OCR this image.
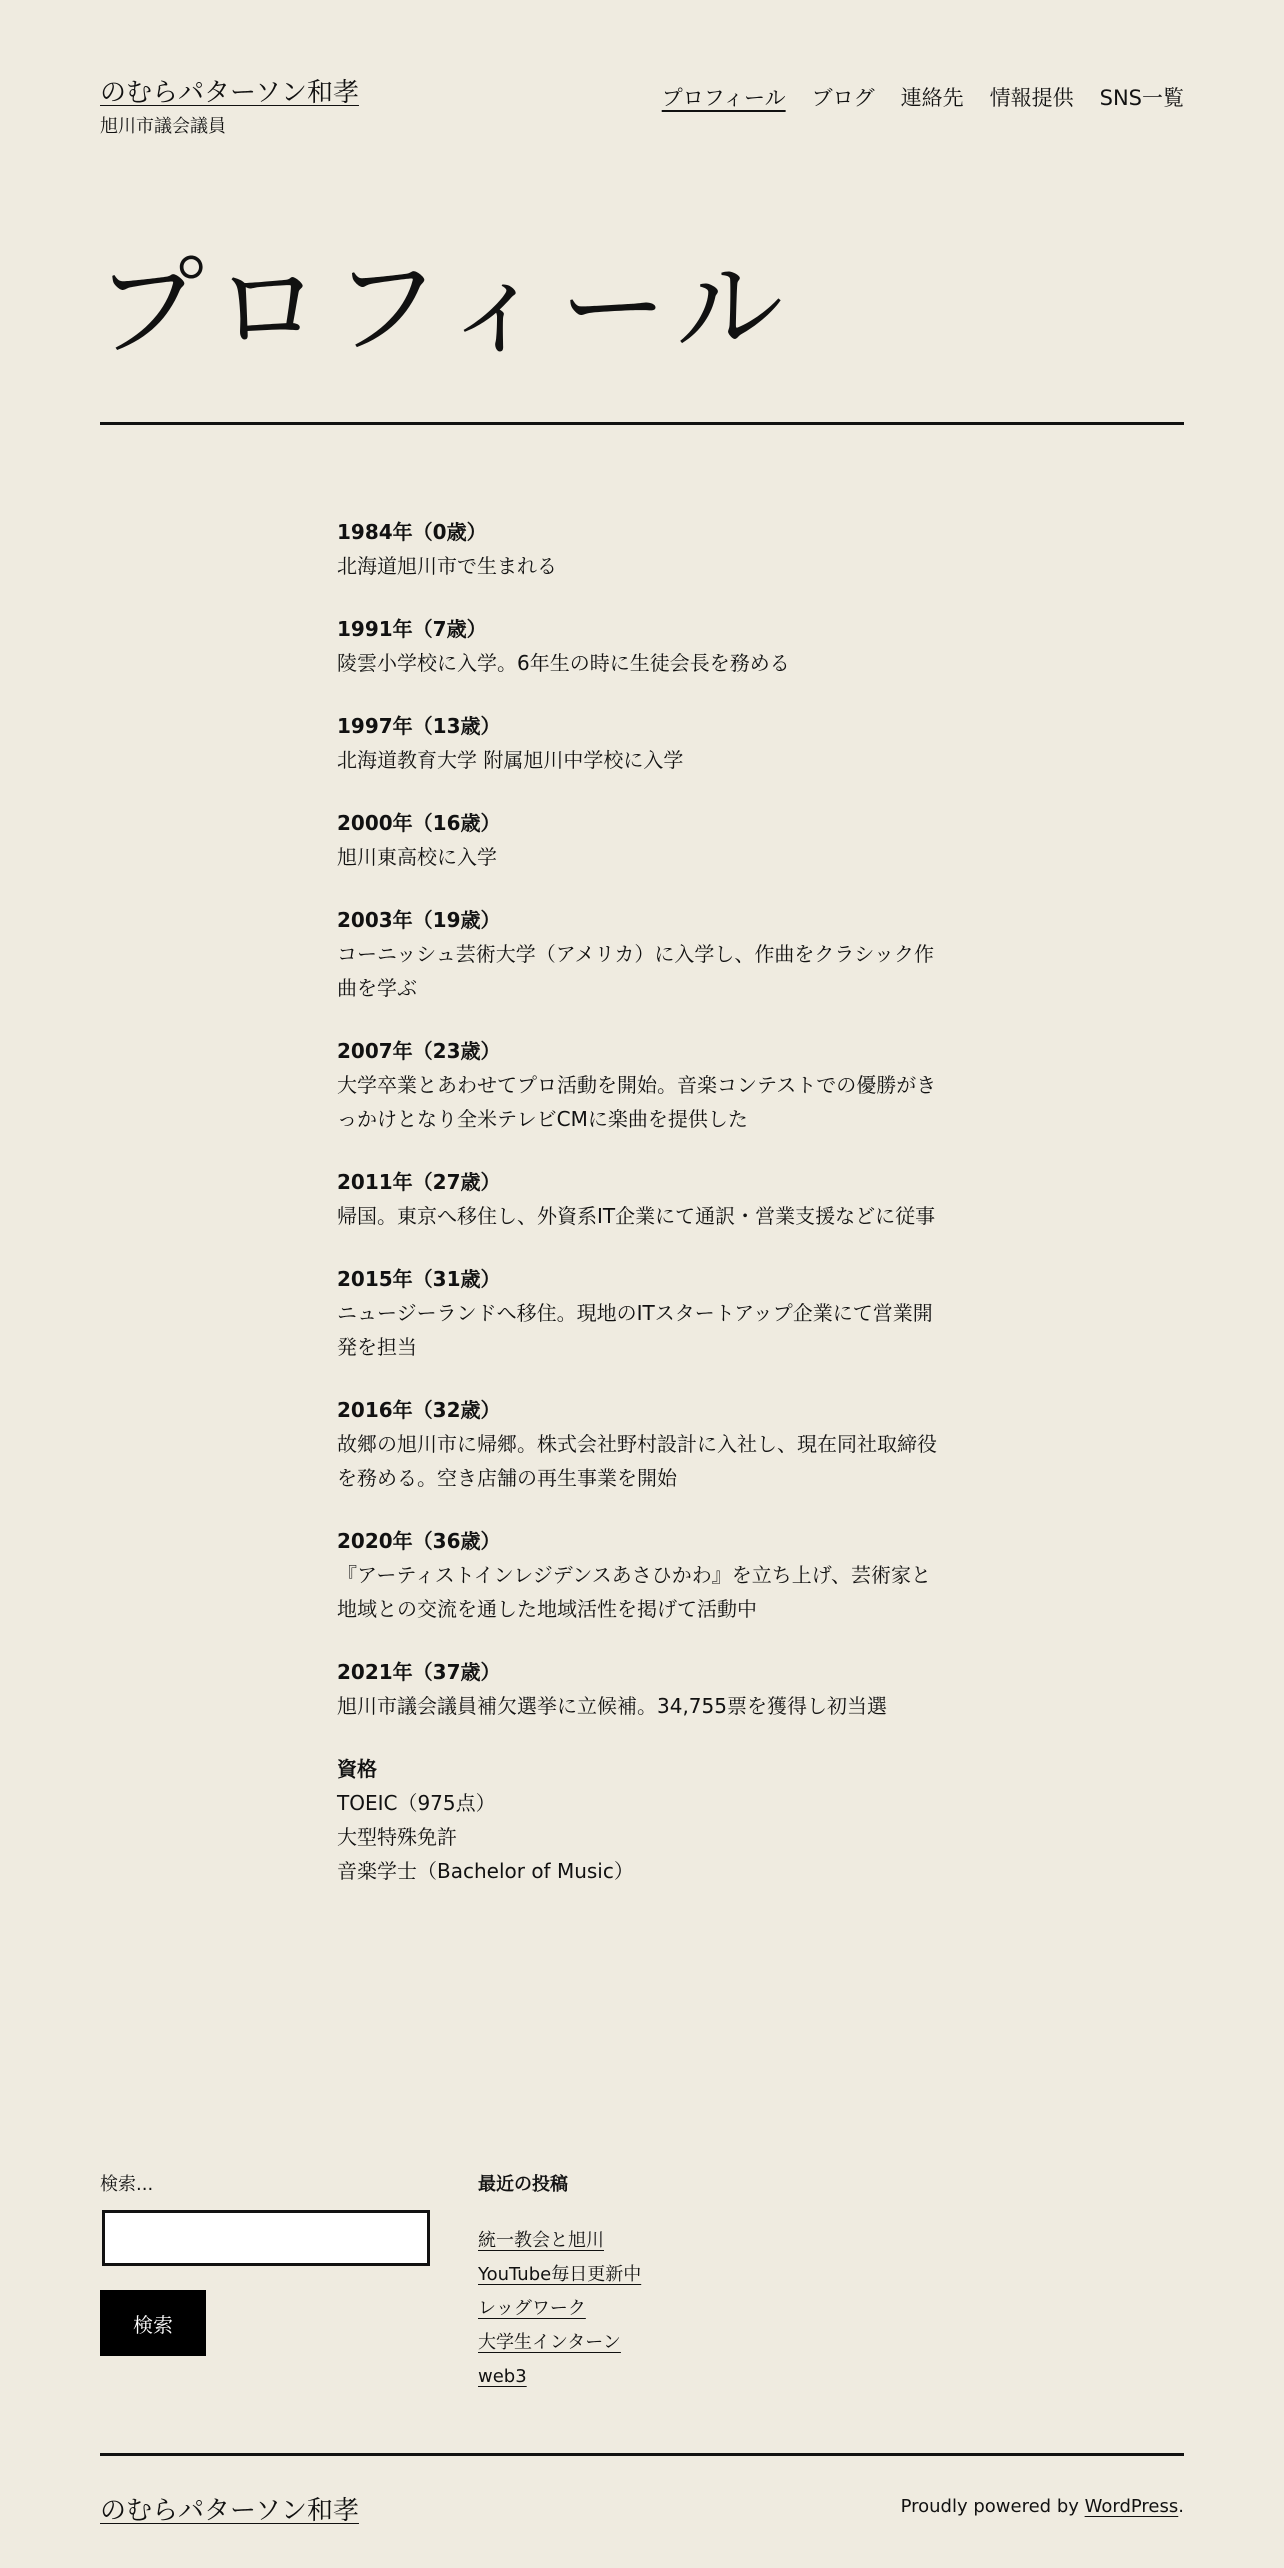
のむらパターソン和孝
旭川市議会議員
プロフィール ブログ 連絡先 情報提供 SNS一覧
プロフィール
1984年（0歳）
北海道旭川市で生まれる
1991年（7歳）
陵雲小学校に入学。6年生の時に生徒会長を務める
1997年（13歳）
北海道教育大学 附属旭川中学校に入学
2000年（16歳）
旭川東高校に入学
2003年（19歳）
コーニッシュ芸術大学（アメリカ）に入学し、作曲をクラシック作曲を学ぶ
2007年（23歳）
大学卒業とあわせてプロ活動を開始。音楽コンテストでの優勝がきっかけとなり全米テレビCMに楽曲を提供した
2011年（27歳）
帰国。東京へ移住し、外資系IT企業にて通訳・営業支援などに従事
2015年（31歳）
ニュージーランドへ移住。現地のITスタートアップ企業にて営業開発を担当
2016年（32歳）
故郷の旭川市に帰郷。株式会社野村設計に入社し、現在同社取締役を務める。空き店舗の再生事業を開始
2020年（36歳）
『アーティストインレジデンスあさひかわ』を立ち上げ、芸術家と地域との交流を通した地域活性を掲げて活動中
2021年（37歳）
旭川市議会議員補欠選挙に立候補。34,755票を獲得し初当選
資格
TOEIC（975点）
大型特殊免許
音楽学士（Bachelor of Music）
検索...
検索
最近の投稿
統一教会と旭川
YouTube毎日更新中
レッグワーク
大学生インターン
web3
のむらパターソン和孝	Proudly powered by WordPress.
